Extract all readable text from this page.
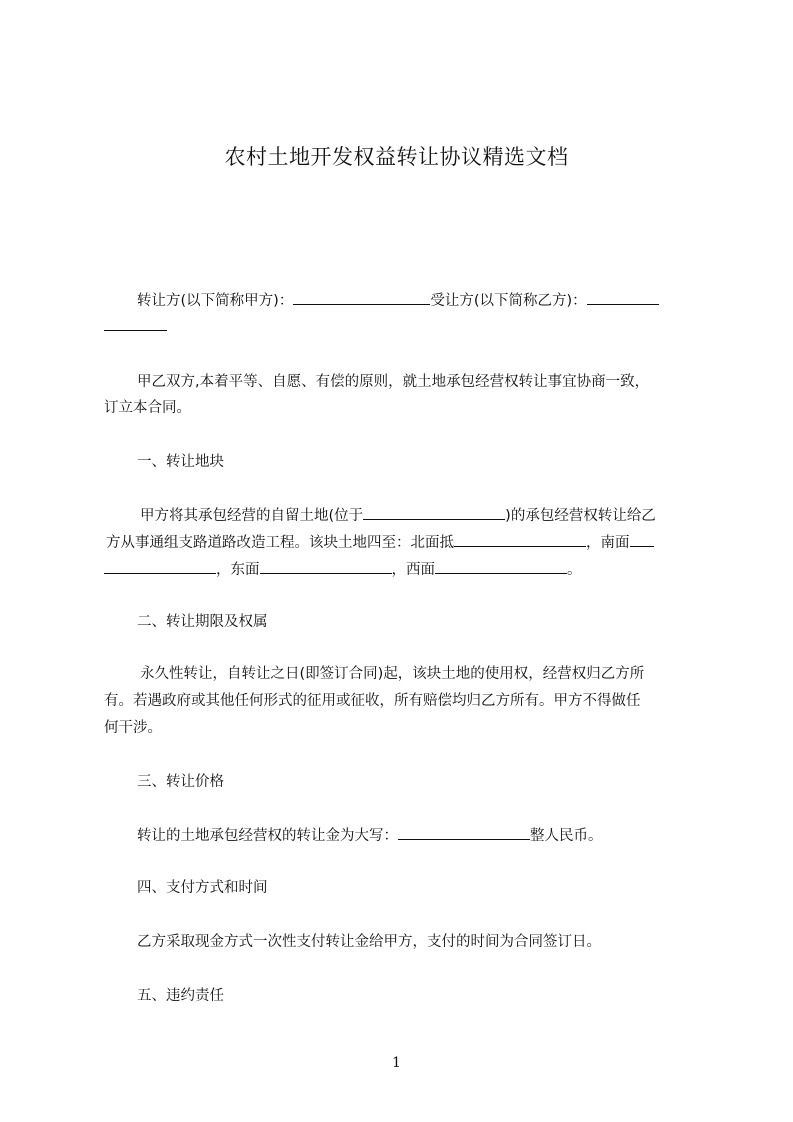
农村土地开发权益转让协议精选文档
转让方(以下简称甲方)：	受让方(以下简称乙方)：
甲乙双方,本着平等、自愿、有偿的原则，就土地承包经营权转让事宜协商一致，
订立本合同。
一、转让地块
甲方将其承包经营的自留土地(位于	)的承包经营权转让给乙
方从事通组支路道路改造工程。该块土地四至：北面抵	，南面
，东面	，西面	。
二、转让期限及权属
永久性转让，自转让之日(即签订合同)起，该块土地的使用权，经营权归乙方所
有。若遇政府或其他任何形式的征用或征收，所有赔偿均归乙方所有。甲方不得做任
何干涉。
三、转让价格
转让的土地承包经营权的转让金为大写：	整人民币。
四、支付方式和时间
乙方采取现金方式一次性支付转让金给甲方，支付的时间为合同签订日。
五、违约责任
1
